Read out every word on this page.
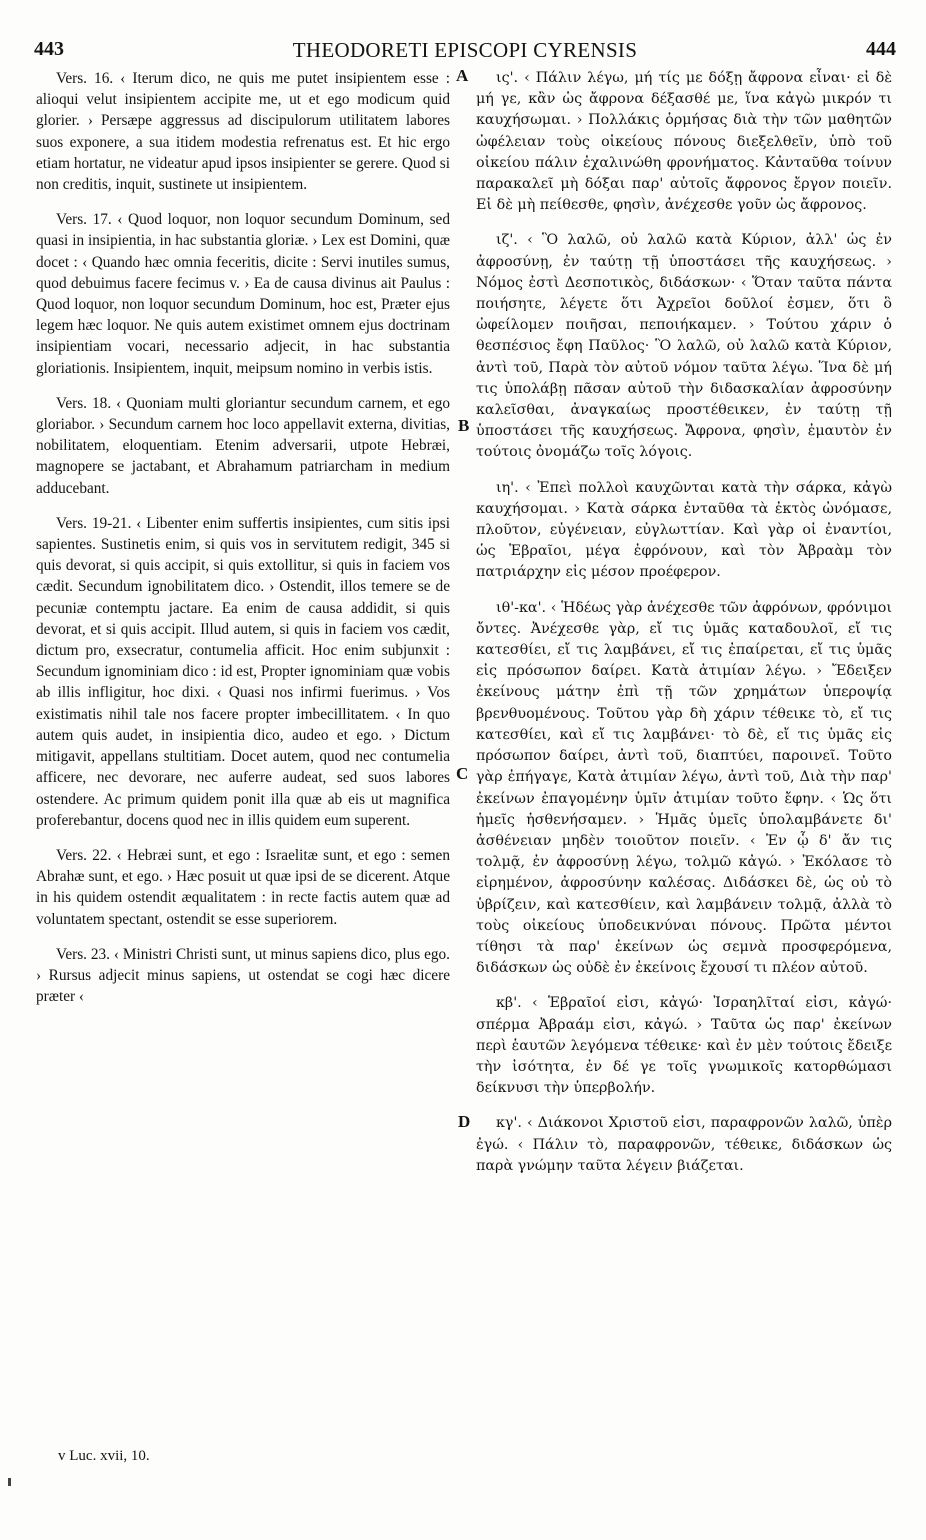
443	THEODORETI EPISCOPI CYRENSIS	444

Vers. 16. ‹ Iterum dico, ne quis me putet insipientem esse : alioqui velut insipientem accipite me, ut et ego modicum quid glorier. › Persæpe aggressus ad discipulorum utilitatem labores suos exponere, a sua itidem modestia refrenatus est. Et hic ergo etiam hortatur, ne videatur apud ipsos insipienter se gerere. Quod si non creditis, inquit, sustinete ut insipientem.

Vers. 17. ‹ Quod loquor, non loquor secundum Dominum, sed quasi in insipientia, in hac substantia gloriæ. › Lex est Domini, quæ docet : ‹ Quando hæc omnia feceritis, dicite : Servi inutiles sumus, quod debuimus facere fecimus v. › Ea de causa divinus ait Paulus : Quod loquor, non loquor secundum Dominum, hoc est, Præter ejus legem hæc loquor. Ne quis autem existimet omnem ejus doctrinam insipientiam vocari, necessario adjecit, in hac substantia gloriationis. Insipientem, inquit, meipsum nomino in verbis istis.

Vers. 18. ‹ Quoniam multi gloriantur secundum carnem, et ego gloriabor. › Secundum carnem hoc loco appellavit externa, divitias, nobilitatem, eloquentiam. Etenim adversarii, utpote Hebræi, magnopere se jactabant, et Abrahamum patriarcham in medium adducebant.

Vers. 19-21. ‹ Libenter enim suffertis insipientes, cum sitis ipsi sapientes. Sustinetis enim, si quis vos in servitutem redigit, 345 si quis devorat, si quis accipit, si quis extollitur, si quis in faciem vos cædit. Secundum ignobilitatem dico. › Ostendit, illos temere se de pecuniæ contemptu jactare. Ea enim de causa addidit, si quis devorat, et si quis accipit. Illud autem, si quis in faciem vos cædit, dictum pro, exsecratur, contumelia afficit. Hoc enim subjunxit : Secundum ignominiam dico : id est, Propter ignominiam quæ vobis ab illis infligitur, hoc dixi. ‹ Quasi nos infirmi fuerimus. › Vos existimatis nihil tale nos facere propter imbecillitatem. ‹ In quo autem quis audet, in insipientia dico, audeo et ego. › Dictum mitigavit, appellans stultitiam. Docet autem, quod nec contumelia afficere, nec devorare, nec auferre audeat, sed suos labores ostendere. Ac primum quidem ponit illa quæ ab eis ut magnifica proferebantur, docens quod nec in illis quidem eum superent.

Vers. 22. ‹ Hebræi sunt, et ego : Israelitæ sunt, et ego : semen Abrahæ sunt, et ego. › Hæc posuit ut quæ ipsi de se dicerent. Atque in his quidem ostendit æqualitatem : in recte factis autem quæ ad voluntatem spectant, ostendit se esse superiorem.

Vers. 23. ‹ Ministri Christi sunt, ut minus sapiens dico, plus ego. › Rursus adjecit minus sapiens, ut ostendat se cogi hæc dicere præter ‹

ις'. ‹ Πάλιν λέγω, μή τίς με δόξῃ ἄφρονα εἶναι· εἰ δὲ μή γε, κἂν ὡς ἄφρονα δέξασθέ με, ἵνα κἀγὼ μικρόν τι καυχήσωμαι. › Πολλάκις ὁρμήσας διὰ τὴν τῶν μαθητῶν ὠφέλειαν τοὺς οἰκείους πόνους διεξελθεῖν, ὑπὸ τοῦ οἰκείου πάλιν ἐχαλινώθη φρονήματος. Κἀνταῦθα τοίνυν παρακαλεῖ μὴ δόξαι παρ' αὐτοῖς ἄφρονος ἔργον ποιεῖν. Εἰ δὲ μὴ πείθεσθε, φησὶν, ἀνέχεσθε γοῦν ὡς ἄφρονος.

ιζ'. ‹ Ὃ λαλῶ, οὐ λαλῶ κατὰ Κύριον, ἀλλ' ὡς ἐν ἀφροσύνῃ, ἐν ταύτῃ τῇ ὑποστάσει τῆς καυχήσεως. › Νόμος ἐστὶ Δεσποτικὸς, διδάσκων· ‹ Ὅταν ταῦτα πάντα ποιήσητε, λέγετε ὅτι Ἀχρεῖοι δοῦλοί ἐσμεν, ὅτι ὃ ὠφείλομεν ποιῆσαι, πεποιήκαμεν. › Τούτου χάριν ὁ θεσπέσιος ἔφη Παῦλος· Ὃ λαλῶ, οὐ λαλῶ κατὰ Κύριον, ἀντὶ τοῦ, Παρὰ τὸν αὐτοῦ νόμον ταῦτα λέγω. Ἵνα δὲ μή τις ὑπολάβῃ πᾶσαν αὐτοῦ τὴν διδασκαλίαν ἀφροσύνην καλεῖσθαι, ἀναγκαίως προστέθεικεν, ἐν ταύτῃ τῇ ὑποστάσει τῆς καυχήσεως. Ἄφρονα, φησὶν, ἐμαυτὸν ἐν τούτοις ὀνομάζω τοῖς λόγοις.

ιη'. ‹ Ἐπεὶ πολλοὶ καυχῶνται κατὰ τὴν σάρκα, κἀγὼ καυχήσομαι. › Κατὰ σάρκα ἐνταῦθα τὰ ἐκτὸς ὠνόμασε, πλοῦτον, εὐγένειαν, εὐγλωττίαν. Καὶ γὰρ οἱ ἐναντίοι, ὡς Ἑβραῖοι, μέγα ἐφρόνουν, καὶ τὸν Ἀβραὰμ τὸν πατριάρχην εἰς μέσον προέφερον.

ιθ'-κα'. ‹ Ἡδέως γὰρ ἀνέχεσθε τῶν ἀφρόνων, φρόνιμοι ὄντες. Ἀνέχεσθε γὰρ, εἴ τις ὑμᾶς καταδουλοῖ, εἴ τις κατεσθίει, εἴ τις λαμβάνει, εἴ τις ἐπαίρεται, εἴ τις ὑμᾶς εἰς πρόσωπον δαίρει. Κατὰ ἀτιμίαν λέγω. › Ἔδειξεν ἐκείνους μάτην ἐπὶ τῇ τῶν χρημάτων ὑπεροψίᾳ βρενθυομένους. Τοῦτου γὰρ δὴ χάριν τέθεικε τὸ, εἴ τις κατεσθίει, καὶ εἴ τις λαμβάνει· τὸ δὲ, εἴ τις ὑμᾶς εἰς πρόσωπον δαίρει, ἀντὶ τοῦ, διαπτύει, παροινεῖ. Τοῦτο γὰρ ἐπήγαγε, Κατὰ ἀτιμίαν λέγω, ἀντὶ τοῦ, Διὰ τὴν παρ' ἐκείνων ἐπαγομένην ὑμῖν ἀτιμίαν τοῦτο ἔφην. ‹ Ὡς ὅτι ἡμεῖς ἠσθενήσαμεν. › Ἡμᾶς ὑμεῖς ὑπολαμβάνετε δι' ἀσθένειαν μηδὲν τοιοῦτον ποιεῖν. ‹ Ἐν ᾧ δ' ἄν τις τολμᾷ, ἐν ἀφροσύνῃ λέγω, τολμῶ κἀγώ. › Ἐκόλασε τὸ εἰρημένον, ἀφροσύνην καλέσας. Διδάσκει δὲ, ὡς οὐ τὸ ὑβρίζειν, καὶ κατεσθίειν, καὶ λαμβάνειν τολμᾷ, ἀλλὰ τὸ τοὺς οἰκείους ὑποδεικνύναι πόνους. Πρῶτα μέντοι τίθησι τὰ παρ' ἐκείνων ὡς σεμνὰ προσφερόμενα, διδάσκων ὡς οὐδὲ ἐν ἐκείνοις ἔχουσί τι πλέον αὐτοῦ.

κβ'. ‹ Ἑβραῖοί εἰσι, κἀγώ· Ἰσραηλῖταί εἰσι, κἀγώ· σπέρμα Ἀβραάμ εἰσι, κἀγώ. › Ταῦτα ὡς παρ' ἐκείνων περὶ ἑαυτῶν λεγόμενα τέθεικε· καὶ ἐν μὲν τούτοις ἔδειξε τὴν ἰσότητα, ἐν δέ γε τοῖς γνωμικοῖς κατορθώμασι δείκνυσι τὴν ὑπερβολήν.

κγ'. ‹ Διάκονοι Χριστοῦ εἰσι, παραφρονῶν λαλῶ, ὑπὲρ ἐγώ. ‹ Πάλιν τὸ, παραφρονῶν, τέθεικε, διδάσκων ὡς παρὰ γνώμην ταῦτα λέγειν βιάζεται.

A
B
C
D
v Luc. xvii, 10.
